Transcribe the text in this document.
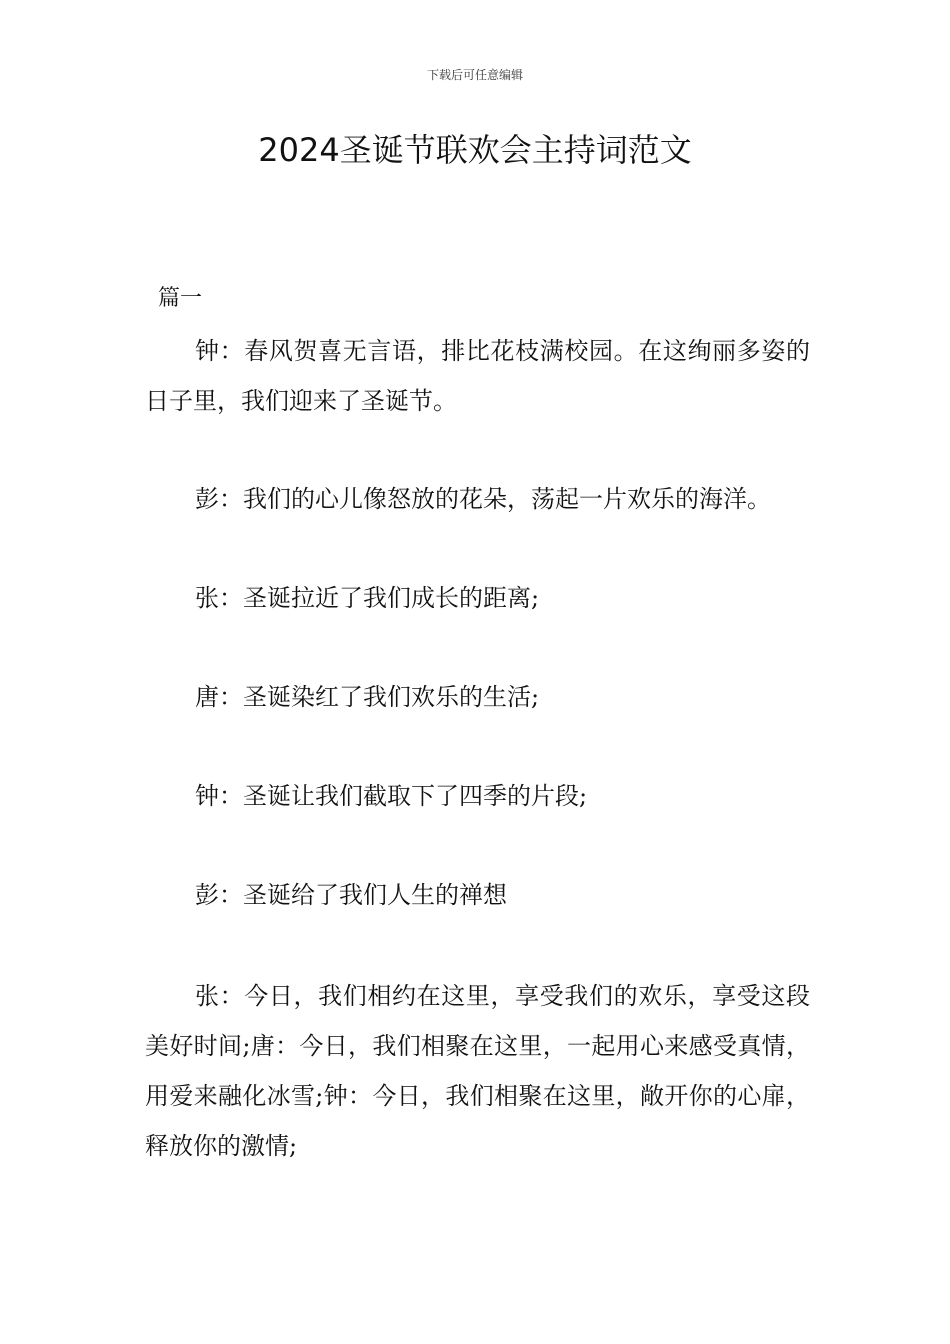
下载后可任意编辑
2024圣诞节联欢会主持词范文
篇一

钟：春风贺喜无言语，排比花枝满校园。在这绚丽多姿的日子里，我们迎来了圣诞节。

彭：我们的心儿像怒放的花朵，荡起一片欢乐的海洋。

张：圣诞拉近了我们成长的距离;

唐：圣诞染红了我们欢乐的生活;

钟：圣诞让我们截取下了四季的片段;

彭：圣诞给了我们人生的禅想

张：今日，我们相约在这里，享受我们的欢乐，享受这段美好时间;唐：今日，我们相聚在这里，一起用心来感受真情，用爱来融化冰雪;钟：今日，我们相聚在这里，敞开你的心扉，释放你的激情;
